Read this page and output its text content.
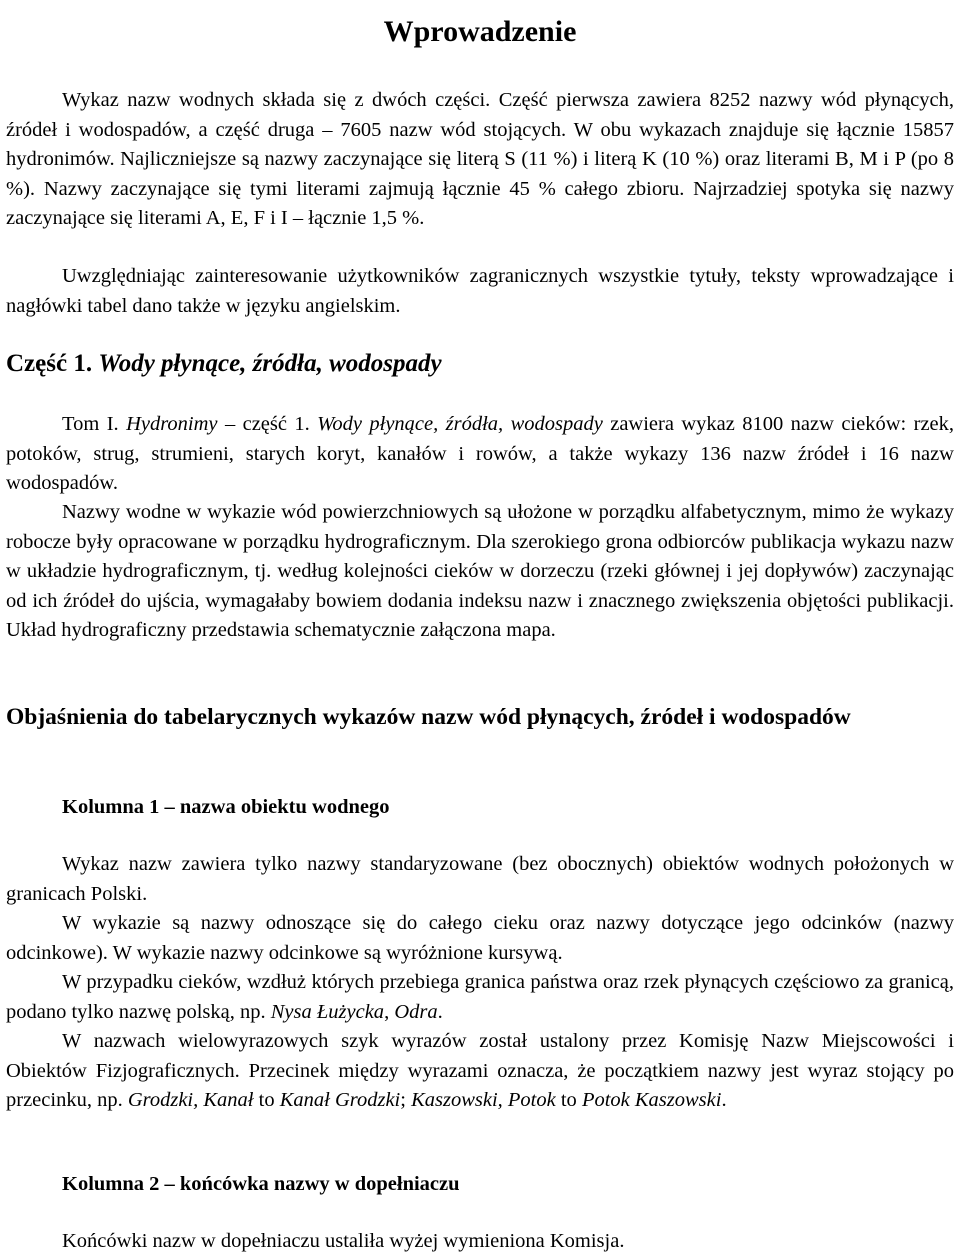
Wprowadzenie

Wykaz nazw wodnych składa się z dwóch części. Część pierwsza zawiera 8252 nazwy wód płynących, źródeł i wodospadów, a część druga – 7605 nazw wód stojących. W obu wykazach znajduje się łącznie 15857 hydronimów. Najliczniejsze są nazwy zaczynające się literą S (11 %) i literą K (10 %) oraz literami B, M i P (po 8 %). Nazwy zaczynające się tymi literami zajmują łącznie 45 % całego zbioru. Najrzadziej spotyka się nazwy zaczynające się literami A, E, F i I – łącznie 1,5 %.

Uwzględniając zainteresowanie użytkowników zagranicznych wszystkie tytuły, teksty wprowadzające i nagłówki tabel dano także w języku angielskim.

Część 1. Wody płynące, źródła, wodospady

Tom I. Hydronimy – część 1. Wody płynące, źródła, wodospady zawiera wykaz 8100 nazw cieków: rzek, potoków, strug, strumieni, starych koryt, kanałów i rowów, a także wykazy 136 nazw źródeł i 16 nazw wodospadów.

Nazwy wodne w wykazie wód powierzchniowych są ułożone w porządku alfabetycznym, mimo że wykazy robocze były opracowane w porządku hydrograficznym. Dla szerokiego grona odbiorców publikacja wykazu nazw w układzie hydrograficznym, tj. według kolejności cieków w dorzeczu (rzeki głównej i jej dopływów) zaczynając od ich źródeł do ujścia, wymagałaby bowiem dodania indeksu nazw i znacznego zwiększenia objętości publikacji. Układ hydrograficzny przedstawia schematycznie załączona mapa.

Objaśnienia do tabelarycznych wykazów nazw wód płynących, źródeł i wodospadów
Kolumna 1 – nazwa obiektu wodnego

Wykaz nazw zawiera tylko nazwy standaryzowane (bez obocznych) obiektów wodnych położonych w granicach Polski.

W wykazie są nazwy odnoszące się do całego cieku oraz nazwy dotyczące jego odcinków (nazwy odcinkowe). W wykazie nazwy odcinkowe są wyróżnione kursywą.

W przypadku cieków, wzdłuż których przebiega granica państwa oraz rzek płynących częściowo za granicą, podano tylko nazwę polską, np. Nysa Łużycka, Odra.

W nazwach wielowyrazowych szyk wyrazów został ustalony przez Komisję Nazw Miejscowości i Obiektów Fizjograficznych. Przecinek między wyrazami oznacza, że początkiem nazwy jest wyraz stojący po przecinku, np. Grodzki, Kanał to Kanał Grodzki; Kaszowski, Potok to Potok Kaszowski.

Kolumna 2 – końcówka nazwy w dopełniaczu

Końcówki nazw w dopełniaczu ustaliła wyżej wymieniona Komisja.
